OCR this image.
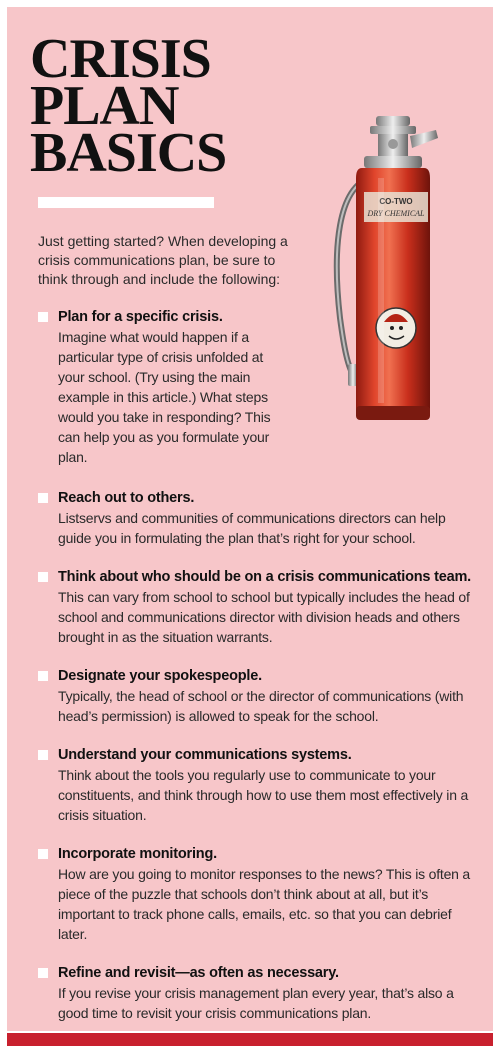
CRISIS
PLAN
BASICS
CO-TWO
DRY CHEMICAL

Just getting started? When developing a crisis communications plan, be sure to think through and include the following:

Plan for a specific crisis.
Imagine what would happen if a particular type of crisis unfolded at your school. (Try using the main example in this article.) What steps would you take in responding? This can help you as you formulate your plan.
Reach out to others.
Listservs and communities of communications directors can help guide you in formulating the plan that’s right for your school.
Think about who should be on a crisis communications team.
This can vary from school to school but typically includes the head of school and communications director with division heads and others brought in as the situation warrants.
Designate your spokespeople.
Typically, the head of school or the director of communications (with head’s permission) is allowed to speak for the school.
Understand your communications systems.
Think about the tools you regularly use to communicate to your constituents, and think through how to use them most effectively in a crisis situation.
Incorporate monitoring.
How are you going to monitor responses to the news? This is often a piece of the puzzle that schools don’t think about at all, but it’s important to track phone calls, emails, etc. so that you can debrief later.
Refine and revisit—as often as necessary.
If you revise your crisis management plan every year, that’s also a good time to revisit your crisis communications plan.
